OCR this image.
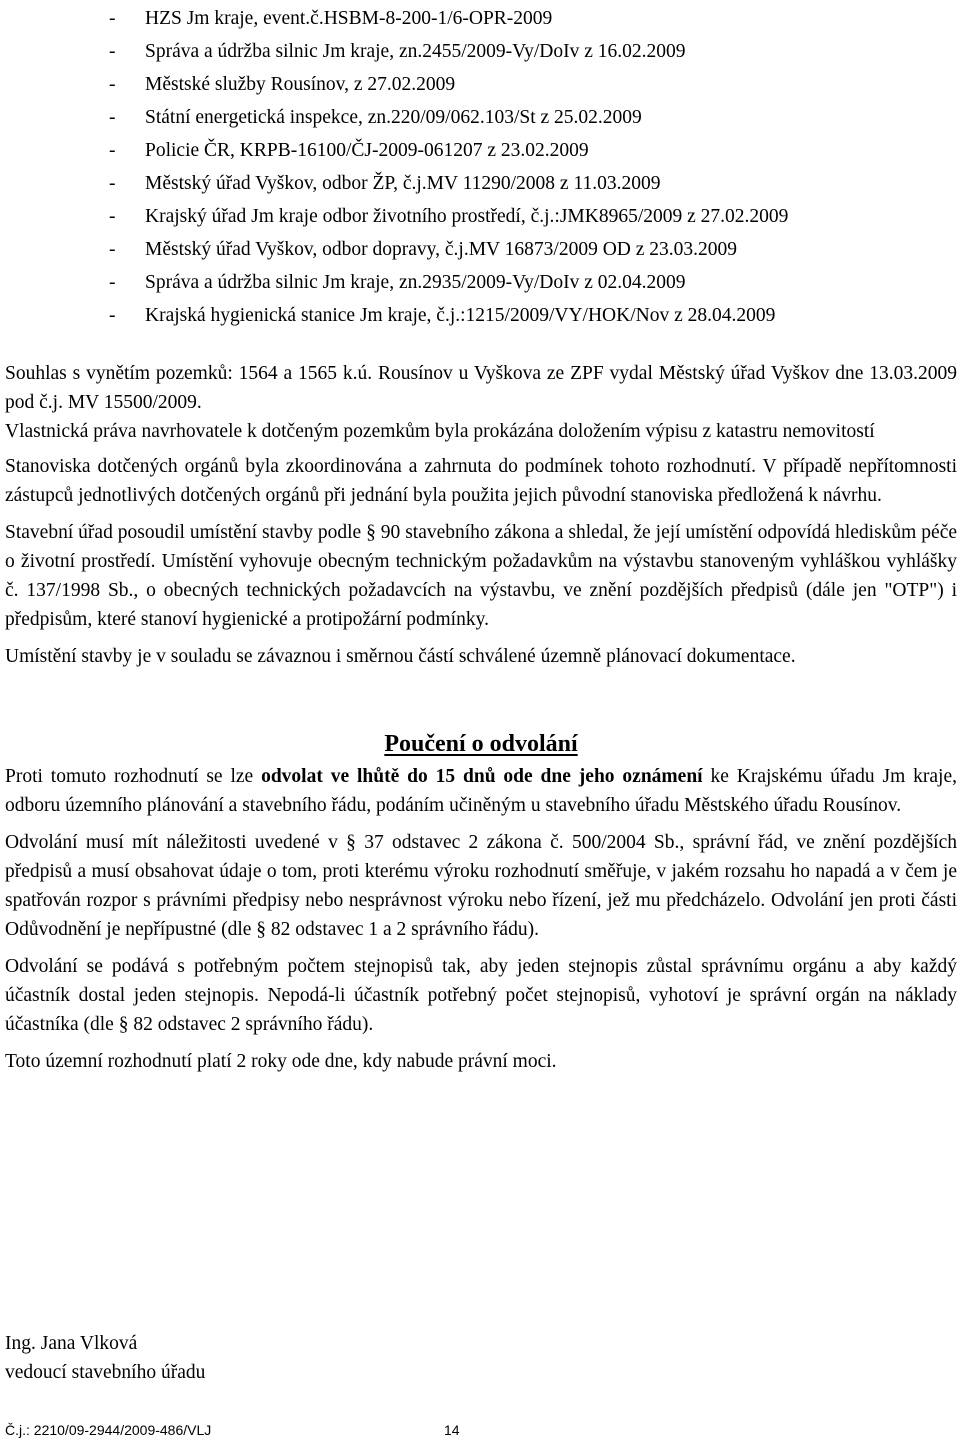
- HZS Jm kraje, event.č.HSBM-8-200-1/6-OPR-2009
- Správa a údržba silnic Jm kraje, zn.2455/2009-Vy/DoIv z 16.02.2009
- Městské služby Rousínov, z 27.02.2009
- Státní energetická inspekce, zn.220/09/062.103/St z 25.02.2009
- Policie ČR, KRPB-16100/ČJ-2009-061207 z 23.02.2009
- Městský úřad Vyškov, odbor ŽP, č.j.MV 11290/2008 z 11.03.2009
- Krajský úřad Jm kraje odbor životního prostředí, č.j.:JMK8965/2009 z 27.02.2009
- Městský úřad Vyškov, odbor dopravy, č.j.MV 16873/2009 OD z 23.03.2009
- Správa a údržba silnic Jm kraje, zn.2935/2009-Vy/DoIv z 02.04.2009
- Krajská hygienická stanice Jm kraje, č.j.:1215/2009/VY/HOK/Nov z 28.04.2009

Souhlas s vynětím pozemků: 1564 a 1565 k.ú. Rousínov u Vyškova ze ZPF vydal Městský úřad Vyškov dne 13.03.2009 pod č.j. MV 15500/2009.

Vlastnická práva navrhovatele k dotčeným pozemkům byla prokázána doložením výpisu z katastru nemovitostí

Stanoviska dotčených orgánů byla zkoordinována a zahrnuta do podmínek tohoto rozhodnutí. V případě nepřítomnosti zástupců jednotlivých dotčených orgánů při jednání byla použita jejich původní stanoviska předložená k návrhu.

Stavební úřad posoudil umístění stavby podle § 90 stavebního zákona a shledal, že její umístění odpovídá hlediskům péče o životní prostředí. Umístění vyhovuje obecným technickým požadavkům na výstavbu stanoveným vyhláškou vyhlášky č. 137/1998 Sb., o obecných technických požadavcích na výstavbu, ve znění pozdějších předpisů (dále jen "OTP") i předpisům, které stanoví hygienické a protipožární podmínky.

Umístění stavby je v souladu se závaznou i směrnou částí schválené územně plánovací dokumentace.

Poučení o odvolání

Proti tomuto rozhodnutí se lze odvolat ve lhůtě do 15 dnů ode dne jeho oznámení ke Krajskému úřadu Jm kraje, odboru územního plánování a stavebního řádu, podáním učiněným u stavebního úřadu Městského úřadu Rousínov.

Odvolání musí mít náležitosti uvedené v § 37 odstavec 2 zákona č. 500/2004 Sb., správní řád, ve znění pozdějších předpisů a musí obsahovat údaje o tom, proti kterému výroku rozhodnutí směřuje, v jakém rozsahu ho napadá a v čem je spatřován rozpor s právními předpisy nebo nesprávnost výroku nebo řízení, jež mu předcházelo. Odvolání jen proti části Odůvodnění je nepřípustné (dle § 82 odstavec 1 a 2 správního řádu).

Odvolání se podává s potřebným počtem stejnopisů tak, aby jeden stejnopis zůstal správnímu orgánu a aby každý účastník dostal jeden stejnopis. Nepodá-li účastník potřebný počet stejnopisů, vyhotoví je správní orgán na náklady účastníka (dle § 82 odstavec 2 správního řádu).

Toto územní rozhodnutí platí 2 roky ode dne, kdy nabude právní moci.

Ing. Jana Vlková
vedoucí stavebního úřadu
Č.j.: 2210/09-2944/2009-486/VLJ	14
